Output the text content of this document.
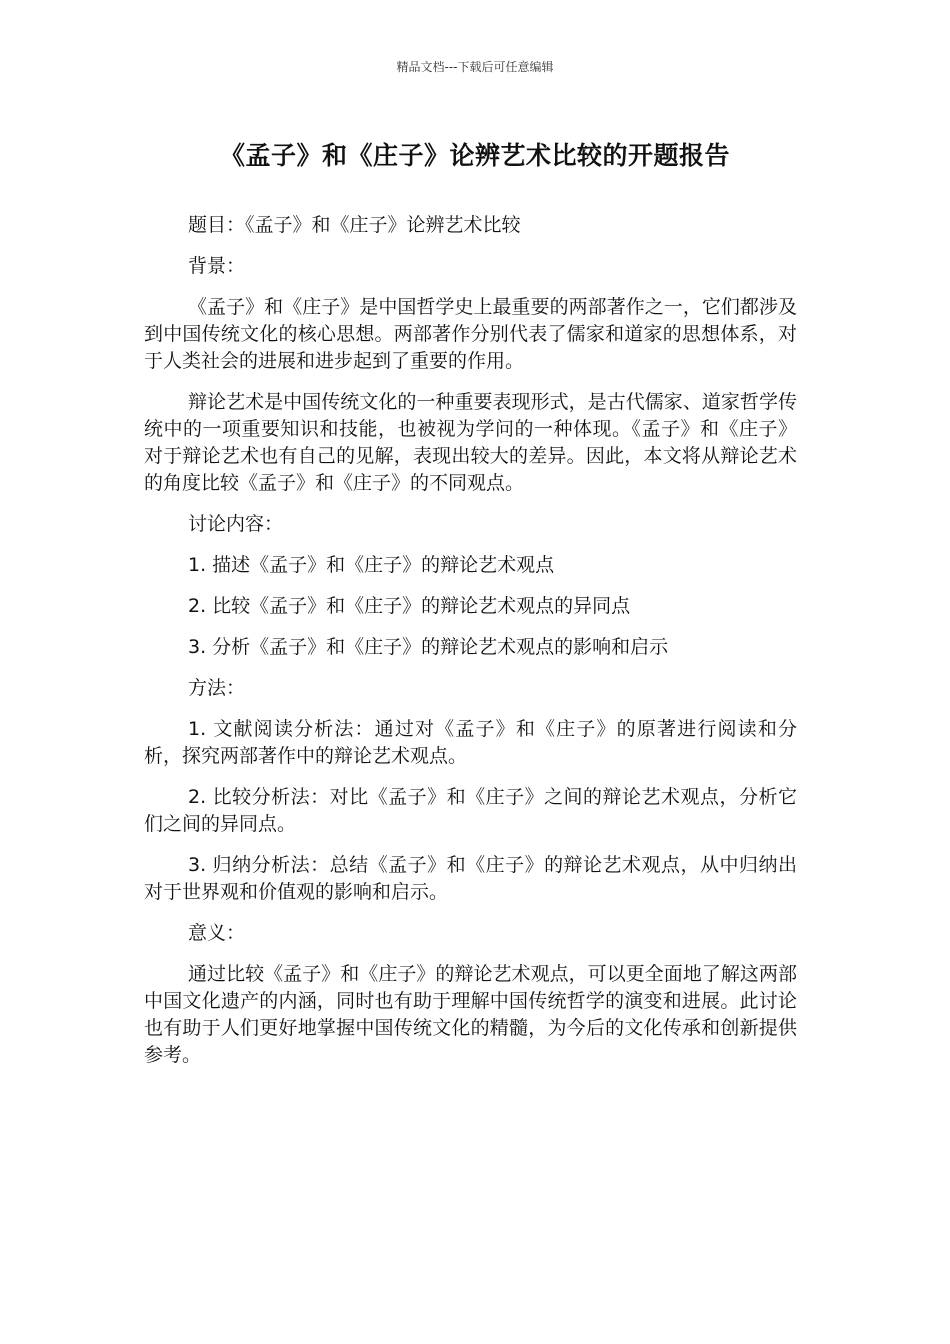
精品文档---下载后可任意编辑
《孟子》和《庄子》论辨艺术比较的开题报告

题目：《孟子》和《庄子》论辨艺术比较

背景：

《孟子》和《庄子》是中国哲学史上最重要的两部著作之一，它们都涉及到中国传统文化的核心思想。两部著作分别代表了儒家和道家的思想体系，对于人类社会的进展和进步起到了重要的作用。

辩论艺术是中国传统文化的一种重要表现形式，是古代儒家、道家哲学传统中的一项重要知识和技能，也被视为学问的一种体现。《孟子》和《庄子》对于辩论艺术也有自己的见解，表现出较大的差异。因此，本文将从辩论艺术的角度比较《孟子》和《庄子》的不同观点。

讨论内容：

1. 描述《孟子》和《庄子》的辩论艺术观点

2. 比较《孟子》和《庄子》的辩论艺术观点的异同点

3. 分析《孟子》和《庄子》的辩论艺术观点的影响和启示

方法：

1. 文献阅读分析法：通过对《孟子》和《庄子》的原著进行阅读和分析，探究两部著作中的辩论艺术观点。

2. 比较分析法：对比《孟子》和《庄子》之间的辩论艺术观点，分析它们之间的异同点。

3. 归纳分析法：总结《孟子》和《庄子》的辩论艺术观点，从中归纳出对于世界观和价值观的影响和启示。

意义：

通过比较《孟子》和《庄子》的辩论艺术观点，可以更全面地了解这两部中国文化遗产的内涵，同时也有助于理解中国传统哲学的演变和进展。此讨论也有助于人们更好地掌握中国传统文化的精髓，为今后的文化传承和创新提供参考。
